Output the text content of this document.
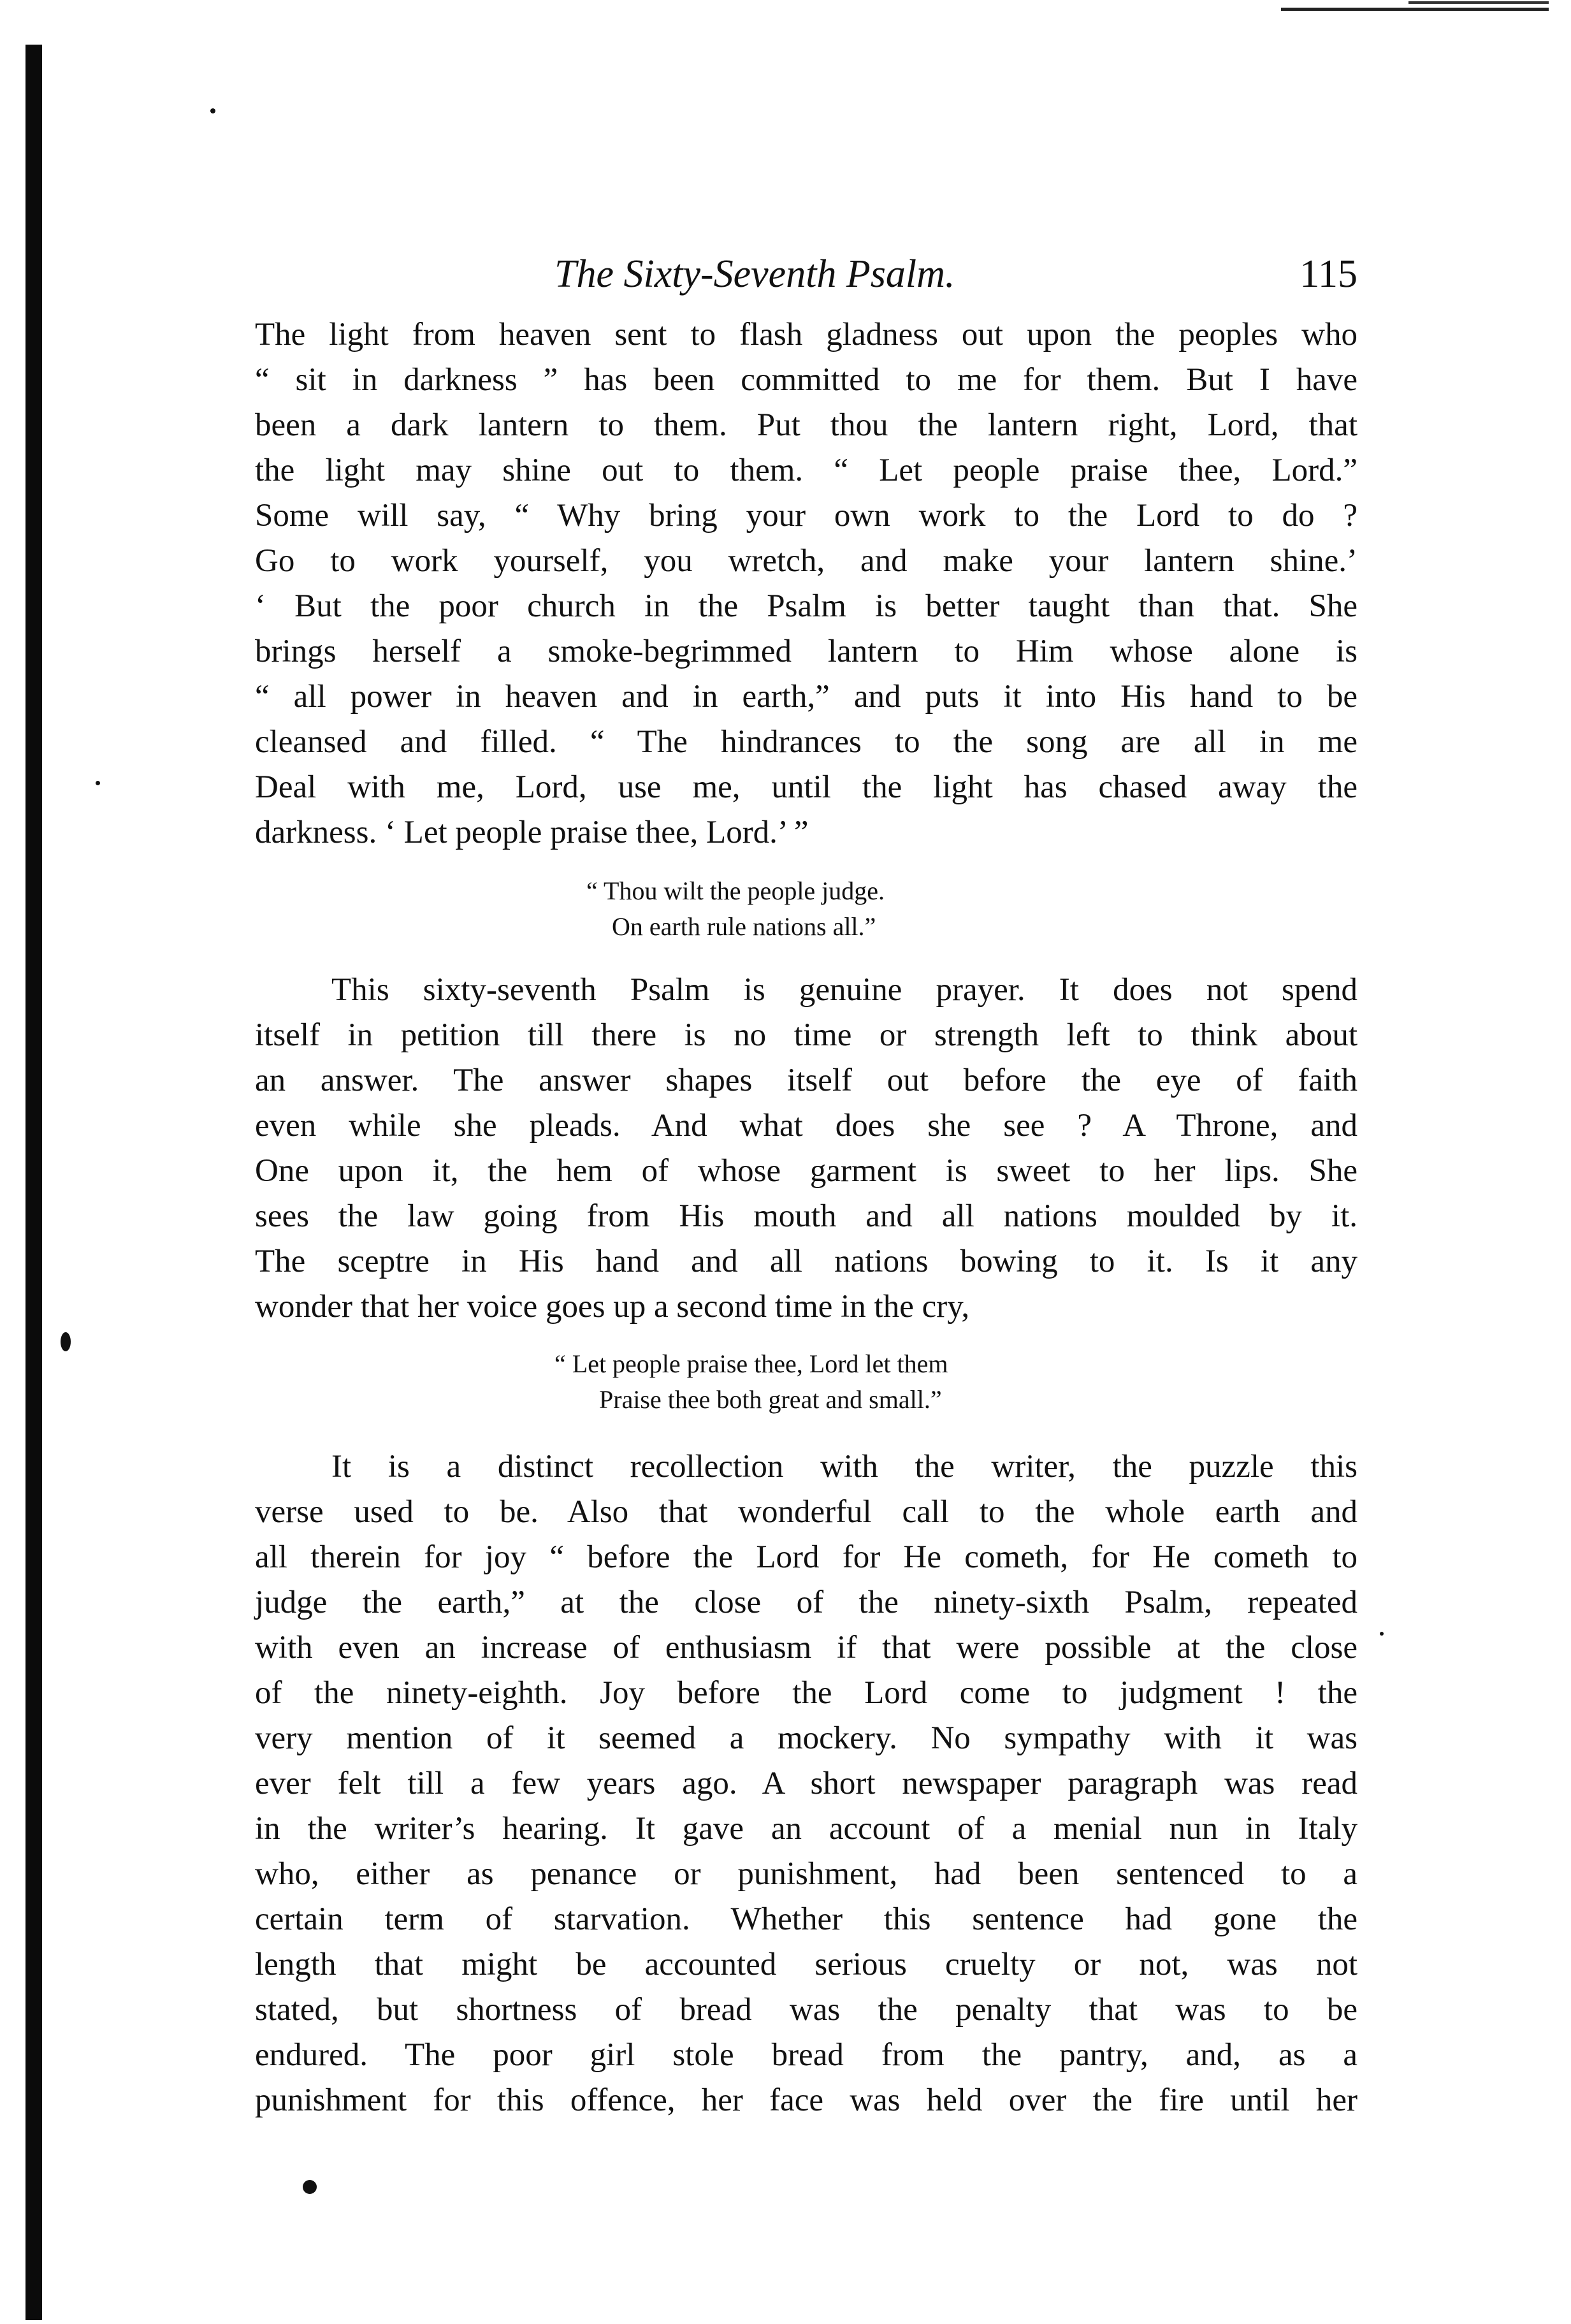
The Sixty-Seventh Psalm.	115
The light from heaven sent to flash gladness out upon the peoples who
“ sit in darkness ” has been committed to me for them. But I have
been a dark lantern to them. Put thou the lantern right, Lord, that
the light may shine out to them. “ Let people praise thee, Lord.”
Some will say, “ Why bring your own work to the Lord to do ?
Go to work yourself, you wretch, and make your lantern shine.’
‘ But the poor church in the Psalm is better taught than that. She
brings herself a smoke-begrimmed lantern to Him whose alone is
“ all power in heaven and in earth,” and puts it into His hand to be
cleansed and filled. “ The hindrances to the song are all in me
Deal with me, Lord, use me, until the light has chased away the
darkness. ‘ Let people praise thee, Lord.’ ”
“ Thou wilt the people judge.
On earth rule nations all.”
This sixty-seventh Psalm is genuine prayer. It does not spend
itself in petition till there is no time or strength left to think about
an answer. The answer shapes itself out before the eye of faith
even while she pleads. And what does she see ? A Throne, and
One upon it, the hem of whose garment is sweet to her lips. She
sees the law going from His mouth and all nations moulded by it.
The sceptre in His hand and all nations bowing to it. Is it any
wonder that her voice goes up a second time in the cry,
“ Let people praise thee, Lord let them
Praise thee both great and small.”
It is a distinct recollection with the writer, the puzzle this
verse used to be. Also that wonderful call to the whole earth and
all therein for joy “ before the Lord for He cometh, for He cometh to
judge the earth,” at the close of the ninety-sixth Psalm, repeated
with even an increase of enthusiasm if that were possible at the close
of the ninety-eighth. Joy before the Lord come to judgment ! the
very mention of it seemed a mockery. No sympathy with it was
ever felt till a few years ago. A short newspaper paragraph was read
in the writer’s hearing. It gave an account of a menial nun in Italy
who, either as penance or punishment, had been sentenced to a
certain term of starvation. Whether this sentence had gone the
length that might be accounted serious cruelty or not, was not
stated, but shortness of bread was the penalty that was to be
endured. The poor girl stole bread from the pantry, and, as a
punishment for this offence, her face was held over the fire until her
